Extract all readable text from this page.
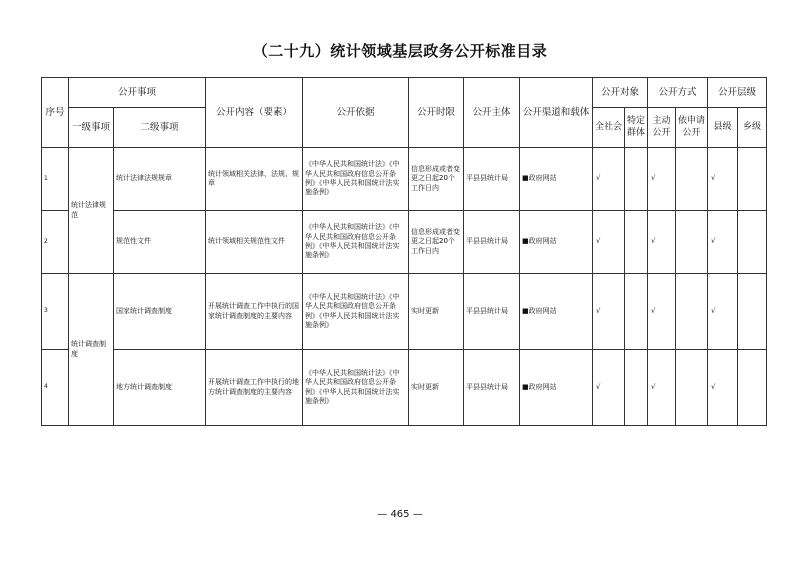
（二十九）统计领域基层政务公开标准目录
序号	公开事项		公开内容（要素）	公开依据	公开时限	公开主体	公开渠道和载体	公开对象		公开方式		公开层级	
	一级事项	二级事项						全社会	特定群体	主动公开	依申请公开	县级	乡级
1	统计法律规范	统计法律法规规章	统计领域相关法律、法规、规章	《中华人民共和国统计法》《中华人民共和国政府信息公开条例》《中华人民共和国统计法实施条例》	信息形成或者变更之日起20个工作日内	平县县统计局	■政府网站	√		√		√	
2		规范性文件	统计领域相关规范性文件	《中华人民共和国统计法》《中华人民共和国政府信息公开条例》《中华人民共和国统计法实施条例》	信息形成或者变更之日起20个工作日内	平县县统计局	■政府网站	√		√		√	
3	统计调查制度	国家统计调查制度	开展统计调查工作中执行的国家统计调查制度的主要内容	《中华人民共和国统计法》《中华人民共和国政府信息公开条例》《中华人民共和国统计法实施条例》	实时更新	平县县统计局	■政府网站	√		√		√	
4		地方统计调查制度	开展统计调查工作中执行的地方统计调查制度的主要内容	《中华人民共和国统计法》《中华人民共和国政府信息公开条例》《中华人民共和国统计法实施条例》	实时更新	平县县统计局	■政府网站	√		√		√	
— 465 —
